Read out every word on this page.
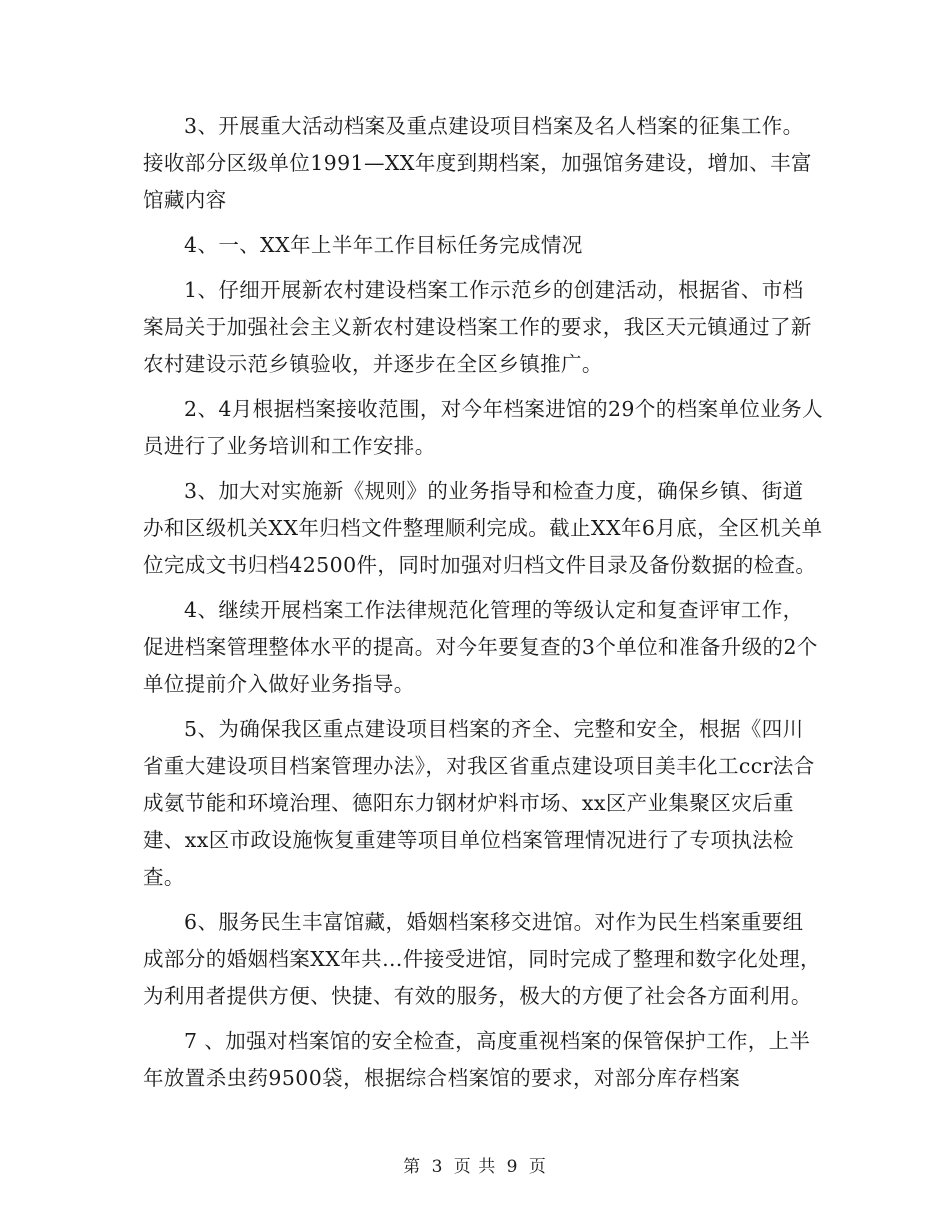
3、开展重大活动档案及重点建设项目档案及名人档案的征集工作。接收部分区级单位1991—XX年度到期档案，加强馆务建设，增加、丰富馆藏内容

4、一、XX年上半年工作目标任务完成情况

1、仔细开展新农村建设档案工作示范乡的创建活动，根据省、市档案局关于加强社会主义新农村建设档案工作的要求，我区天元镇通过了新农村建设示范乡镇验收，并逐步在全区乡镇推广。

2、4月根据档案接收范围，对今年档案进馆的29个的档案单位业务人员进行了业务培训和工作安排。

3、加大对实施新《规则》的业务指导和检查力度，确保乡镇、街道办和区级机关XX年归档文件整理顺利完成。截止XX年6月底，全区机关单位完成文书归档42500件，同时加强对归档文件目录及备份数据的检查。

4、继续开展档案工作法律规范化管理的等级认定和复查评审工作，促进档案管理整体水平的提高。对今年要复查的3个单位和准备升级的2个单位提前介入做好业务指导。

5、为确保我区重点建设项目档案的齐全、完整和安全，根据《四川省重大建设项目档案管理办法》，对我区省重点建设项目美丰化工ccr法合成氨节能和环境治理、德阳东力钢材炉料市场、xx区产业集聚区灾后重建、xx区市政设施恢复重建等项目单位档案管理情况进行了专项执法检查。

6、服务民生丰富馆藏，婚姻档案移交进馆。对作为民生档案重要组成部分的婚姻档案XX年共…件接受进馆，同时完成了整理和数字化处理，为利用者提供方便、快捷、有效的服务，极大的方便了社会各方面利用。

7 、加强对档案馆的安全检查，高度重视档案的保管保护工作，上半年放置杀虫药9500袋，根据综合档案馆的要求，对部分库存档案

第 3 页 共 9 页
